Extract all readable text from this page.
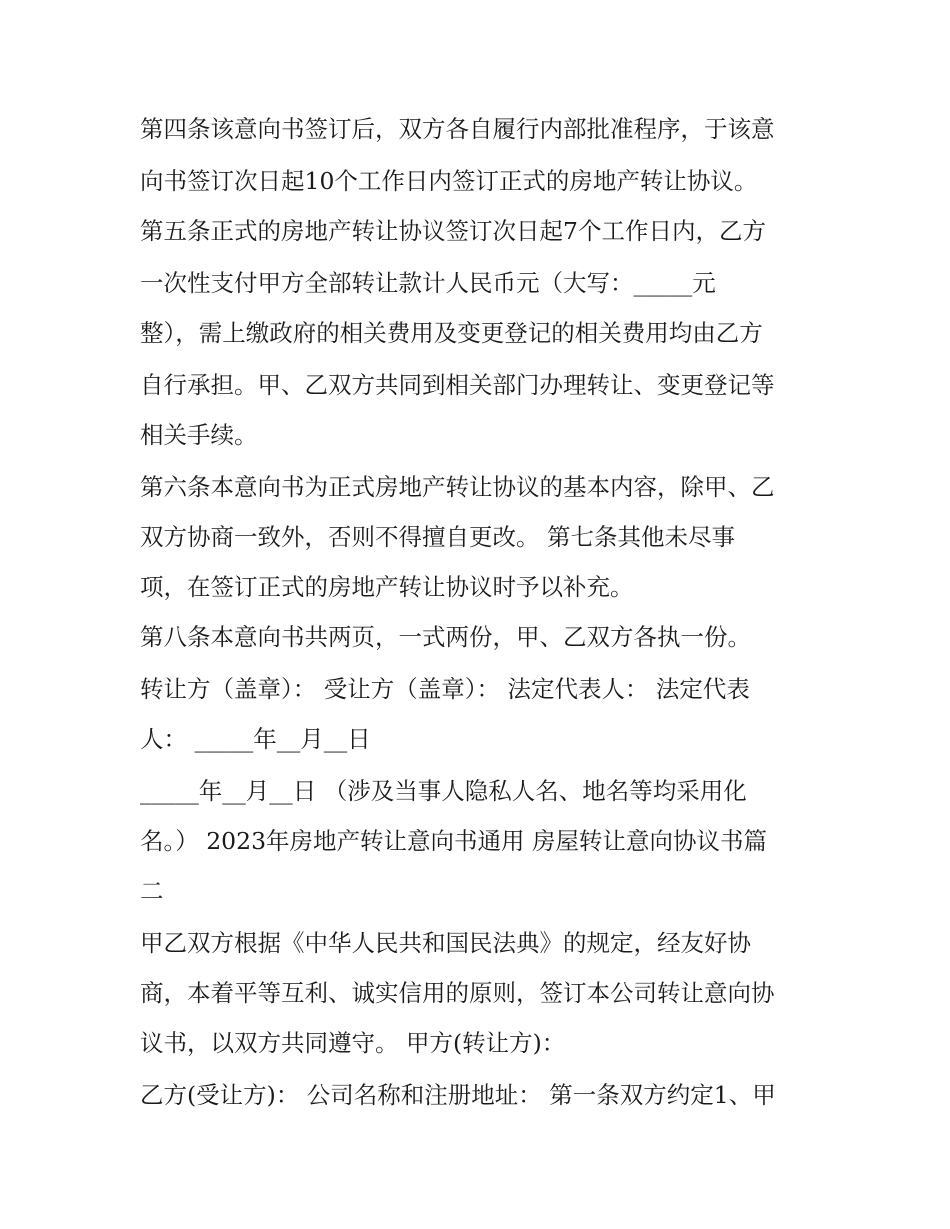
第四条该意向书签订后，双方各自履行内部批准程序，于该意
向书签订次日起10个工作日内签订正式的房地产转让协议。
第五条正式的房地产转让协议签订次日起7个工作日内，乙方
一次性支付甲方全部转让款计人民币元（大写：_____元
整），需上缴政府的相关费用及变更登记的相关费用均由乙方
自行承担。甲、乙双方共同到相关部门办理转让、变更登记等
相关手续。
第六条本意向书为正式房地产转让协议的基本内容，除甲、乙
双方协商一致外，否则不得擅自更改。 第七条其他未尽事
项，在签订正式的房地产转让协议时予以补充。
第八条本意向书共两页，一式两份，甲、乙双方各执一份。
转让方（盖章）： 受让方（盖章）： 法定代表人： 法定代表
人： _____年__月__日
_____年__月__日 （涉及当事人隐私人名、地名等均采用化
名。） 2023年房地产转让意向书通用 房屋转让意向协议书篇
二
甲乙双方根据《中华人民共和国民法典》的规定，经友好协
商，本着平等互利、诚实信用的原则，签订本公司转让意向协
议书，以双方共同遵守。 甲方(转让方)：
乙方(受让方)： 公司名称和注册地址： 第一条双方约定1、甲
